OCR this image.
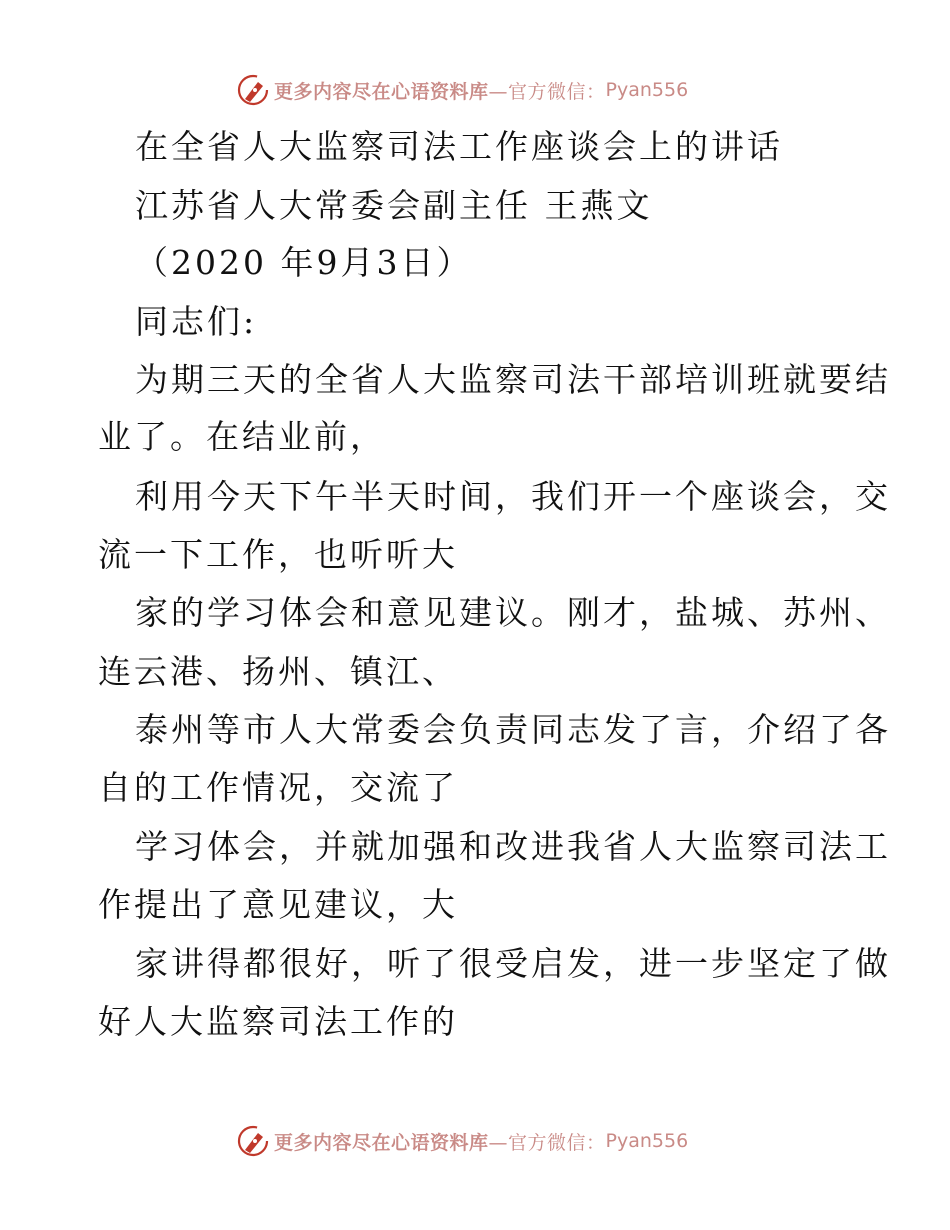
更多内容尽在心语资料库 —官方微信： Pyan556

在全省人大监察司法工作座谈会上的讲话

江苏省人大常委会副主任 王燕文

（2020 年9月3日）

同志们:

为期三天的全省人大监察司法干部培训班就要结

业了。在结业前，

利用今天下午半天时间，我们开一个座谈会，交

流一下工作，也听听大

家的学习体会和意见建议。刚才，盐城、苏州、

连云港、扬州、镇江、

泰州等市人大常委会负责同志发了言，介绍了各

自的工作情况，交流了

学习体会，并就加强和改进我省人大监察司法工

作提出了意见建议，大

家讲得都很好，听了很受启发，进一步坚定了做

好人大监察司法工作的

更多内容尽在心语资料库 —官方微信： Pyan556
